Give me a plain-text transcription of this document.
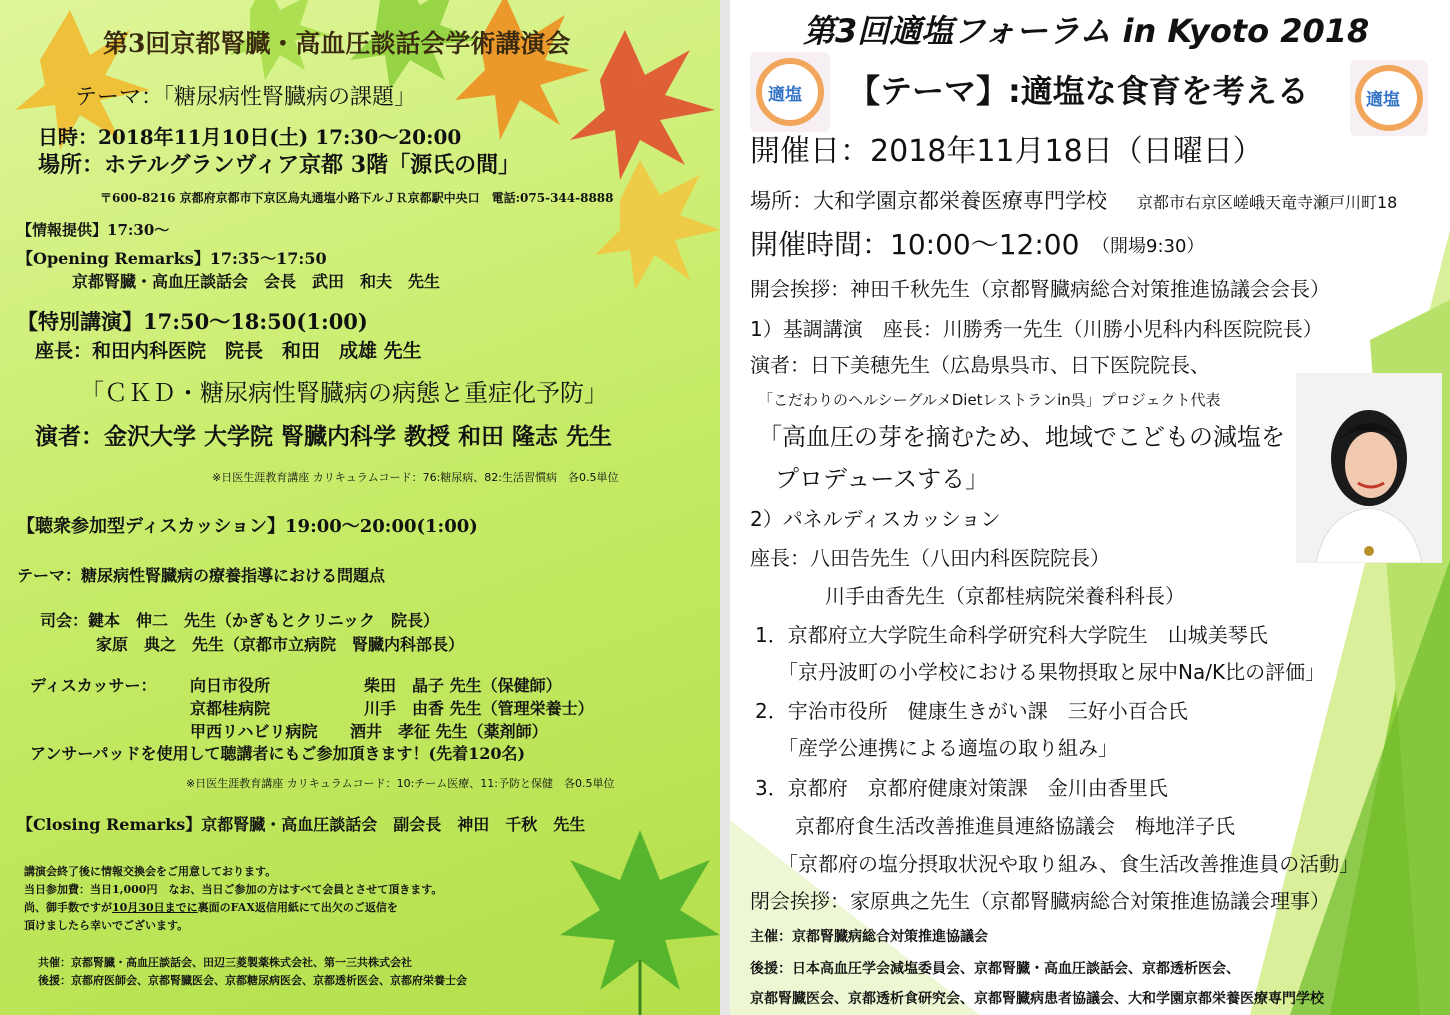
第3回京都腎臓・高血圧談話会学術講演会
テーマ：「糖尿病性腎臓病の課題」
日時：2018年11月10日(土) 17:30〜20:00
場所：ホテルグランヴィア京都 3階「源氏の間」
〒600-8216 京都府京都市下京区烏丸通塩小路下ルＪＲ京都駅中央口　電話:075-344-8888
【情報提供】17:30〜
【Opening Remarks】17:35〜17:50
京都腎臓・高血圧談話会　会長　武田　和夫　先生
【特別講演】17:50〜18:50(1:00)
座長：和田内科医院　院長　和田　成雄 先生
「ＣＫＤ・糖尿病性腎臓病の病態と重症化予防」
演者：金沢大学 大学院 腎臓内科学 教授 和田 隆志 先生
※日医生涯教育講座 カリキュラムコード：76:糖尿病、82:生活習慣病　各0.5単位
【聴衆参加型ディスカッション】19:00〜20:00(1:00)
テーマ：糖尿病性腎臓病の療養指導における問題点
司会：鍵本　伸二　先生（かぎもとクリニック　院長）
家原　典之　先生（京都市立病院　腎臓内科部長）
ディスカッサー： 向日市役所	柴田　晶子 先生（保健師）
京都桂病院	川手　由香 先生（管理栄養士）
甲西リハビリ病院 酒井　孝征 先生（薬剤師）
アンサーパッドを使用して聴講者にもご参加頂きます！(先着120名)
※日医生涯教育講座 カリキュラムコード：10:チーム医療、11:予防と保健　各0.5単位
【Closing Remarks】京都腎臓・高血圧談話会　副会長　神田　千秋　先生
講演会終了後に情報交換会をご用意しております。
当日参加費：当日1,000円　なお、当日ご参加の方はすべて会員とさせて頂きます。
尚、御手数ですが10月30日までに裏面のFAX返信用紙にて出欠のご返信を
頂けましたら幸いでございます。
共催：京都腎臓・高血圧談話会、田辺三菱製薬株式会社、第一三共株式会社
後援：京都府医師会、京都腎臓医会、京都糖尿病医会、京都透析医会、京都府栄養士会
第3回適塩フォーラム in Kyoto 2018
適塩	適塩
【テーマ】:適塩な食育を考える
開催日：2018年11月18日（日曜日）
場所：大和学園京都栄養医療専門学校 京都市右京区嵯峨天竜寺瀬戸川町18
開催時間：10:00〜12:00 （開場9:30）
開会挨拶：神田千秋先生（京都腎臓病総合対策推進協議会会長）
1）基調講演　座長：川勝秀一先生（川勝小児科内科医院院長）
演者：日下美穂先生（広島県呉市、日下医院院長、
「こだわりのヘルシーグルメDietレストランin呉」プロジェクト代表
「高血圧の芽を摘むため、地域でこどもの減塩を
プロデュースする」
2）パネルディスカッション
座長：八田告先生（八田内科医院院長）
川手由香先生（京都桂病院栄養科科長）
1．京都府立大学院生命科学研究科大学院生　山城美琴氏
「京丹波町の小学校における果物摂取と尿中Na/K比の評価」
2．宇治市役所　健康生きがい課　三好小百合氏
「産学公連携による適塩の取り組み」
3．京都府　京都府健康対策課　金川由香里氏
京都府食生活改善推進員連絡協議会　梅地洋子氏
「京都府の塩分摂取状況や取り組み、食生活改善推進員の活動」
閉会挨拶：家原典之先生（京都腎臓病総合対策推進協議会理事）
主催：京都腎臓病総合対策推進協議会
後援：日本高血圧学会減塩委員会、京都腎臓・高血圧談話会、京都透析医会、
京都腎臓医会、京都透析食研究会、京都腎臓病患者協議会、大和学園京都栄養医療専門学校
